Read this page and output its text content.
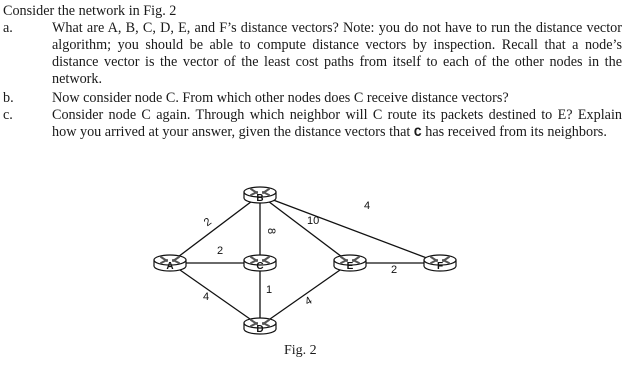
Consider the network in Fig. 2
a.	What are A, B, C, D, E, and F’s distance vectors? Note: you do not have to run the distance vector algorithm; you should be able to compute distance vectors by inspection. Recall that a node’s distance vector is the vector of the least cost paths from itself to each of the other nodes in the network.
b.	Now consider node C. From which other nodes does C receive distance vectors?
c.	Consider node C again. Through which neighbor will C route its packets destined to E? Explain how you arrived at your answer, given the distance vectors that C has received from its neighbors.
2
2
4
8
10
4
1
4
2
A
B
C
D
E	F
Fig. 2
